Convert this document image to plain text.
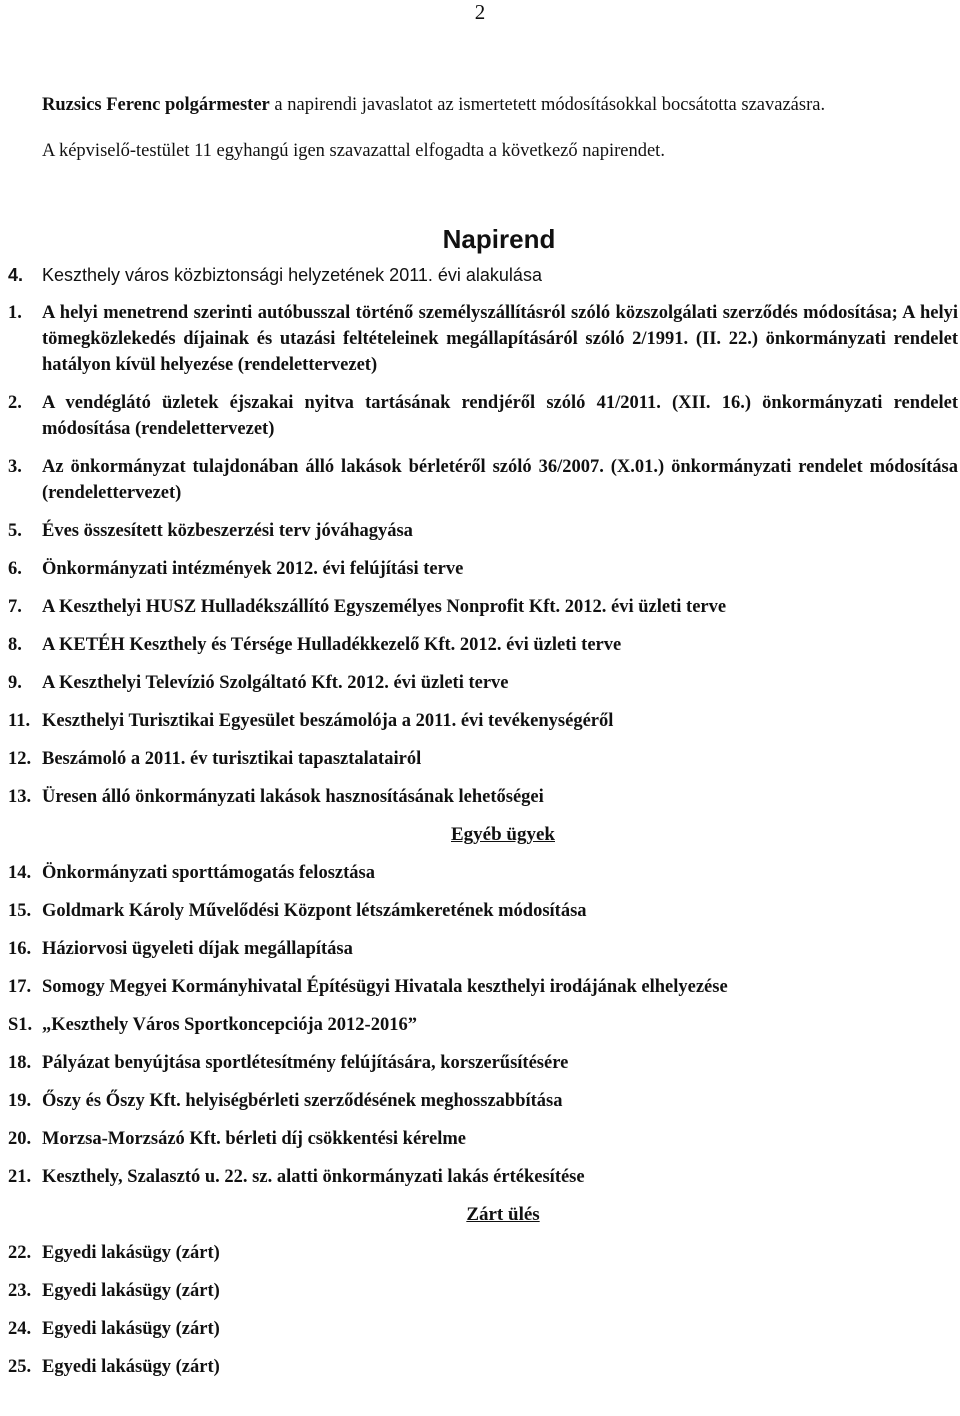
2

Ruzsics Ferenc polgármester a napirendi javaslatot az ismertetett módosításokkal bocsátotta szavazásra.

A képviselő-testület 11 egyhangú igen szavazattal elfogadta a következő napirendet.

Napirend
4.	Keszthely város közbiztonsági helyzetének 2011. évi alakulása
1.	A helyi menetrend szerinti autóbusszal történő személyszállításról szóló közszolgálati szerződés módosítása; A helyi tömegközlekedés díjainak és utazási feltételeinek megállapításáról szóló 2/1991. (II. 22.) önkormányzati rendelet hatályon kívül helyezése (rendelettervezet)
2.	A vendéglátó üzletek éjszakai nyitva tartásának rendjéről szóló 41/2011. (XII. 16.) önkormányzati rendelet módosítása (rendelettervezet)
3.	Az önkormányzat tulajdonában álló lakások bérletéről szóló 36/2007. (X.01.) önkormányzati rendelet módosítása (rendelettervezet)
5.	Éves összesített közbeszerzési terv jóváhagyása
6.	Önkormányzati intézmények 2012. évi felújítási terve
7.	A Keszthelyi HUSZ Hulladékszállító Egyszemélyes Nonprofit Kft. 2012. évi üzleti terve
8.	A KETÉH Keszthely és Térsége Hulladékkezelő Kft. 2012. évi üzleti terve
9.	A Keszthelyi Televízió Szolgáltató Kft. 2012. évi üzleti terve
11. Keszthelyi Turisztikai Egyesület beszámolója a 2011. évi tevékenységéről
12. Beszámoló a 2011. év turisztikai tapasztalatairól
13. Üresen álló önkormányzati lakások hasznosításának lehetőségei
Egyéb ügyek
14. Önkormányzati sporttámogatás felosztása
15. Goldmark Károly Művelődési Központ létszámkeretének módosítása
16. Háziorvosi ügyeleti díjak megállapítása
17. Somogy Megyei Kormányhivatal Építésügyi Hivatala keszthelyi irodájának elhelyezése
S1. „Keszthely Város Sportkoncepciója 2012-2016”
18. Pályázat benyújtása sportlétesítmény felújítására, korszerűsítésére
19. Őszy és Őszy Kft. helyiségbérleti szerződésének meghosszabbítása
20. Morzsa-Morzsázó Kft. bérleti díj csökkentési kérelme
21. Keszthely, Szalasztó u. 22. sz. alatti önkormányzati lakás értékesítése
Zárt ülés
22. Egyedi lakásügy (zárt)
23. Egyedi lakásügy (zárt)
24. Egyedi lakásügy (zárt)
25. Egyedi lakásügy (zárt)
